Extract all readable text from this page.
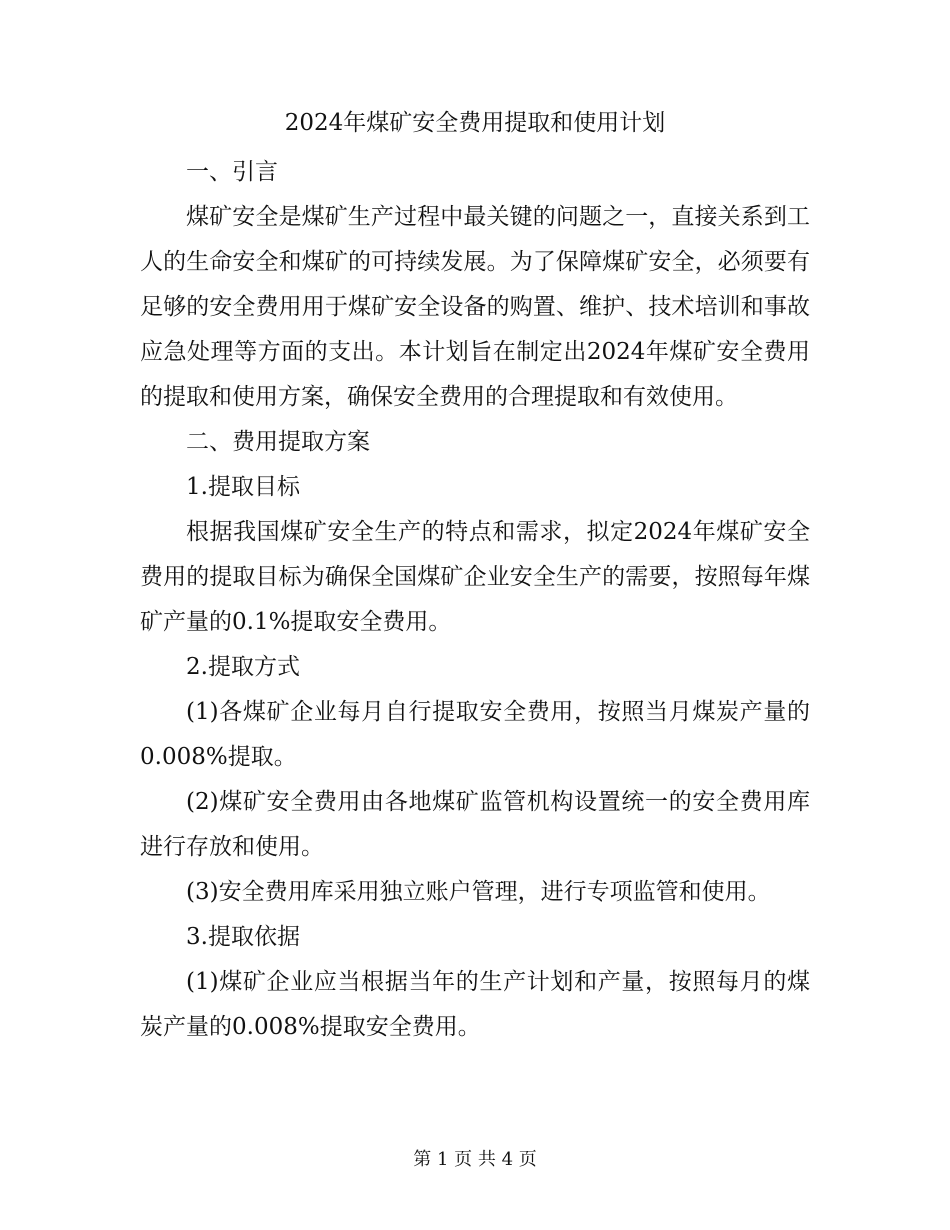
2024年煤矿安全费用提取和使用计划

一、引言

煤矿安全是煤矿生产过程中最关键的问题之一，直接关系到工人的生命安全和煤矿的可持续发展。为了保障煤矿安全，必须要有足够的安全费用用于煤矿安全设备的购置、维护、技术培训和事故应急处理等方面的支出。本计划旨在制定出2024年煤矿安全费用的提取和使用方案，确保安全费用的合理提取和有效使用。

二、费用提取方案

1.提取目标

根据我国煤矿安全生产的特点和需求，拟定2024年煤矿安全费用的提取目标为确保全国煤矿企业安全生产的需要，按照每年煤矿产量的0.1%提取安全费用。

2.提取方式

(1)各煤矿企业每月自行提取安全费用，按照当月煤炭产量的0.008%提取。

(2)煤矿安全费用由各地煤矿监管机构设置统一的安全费用库进行存放和使用。

(3)安全费用库采用独立账户管理，进行专项监管和使用。

3.提取依据

(1)煤矿企业应当根据当年的生产计划和产量，按照每月的煤炭产量的0.008%提取安全费用。

第 1 页 共 4 页
